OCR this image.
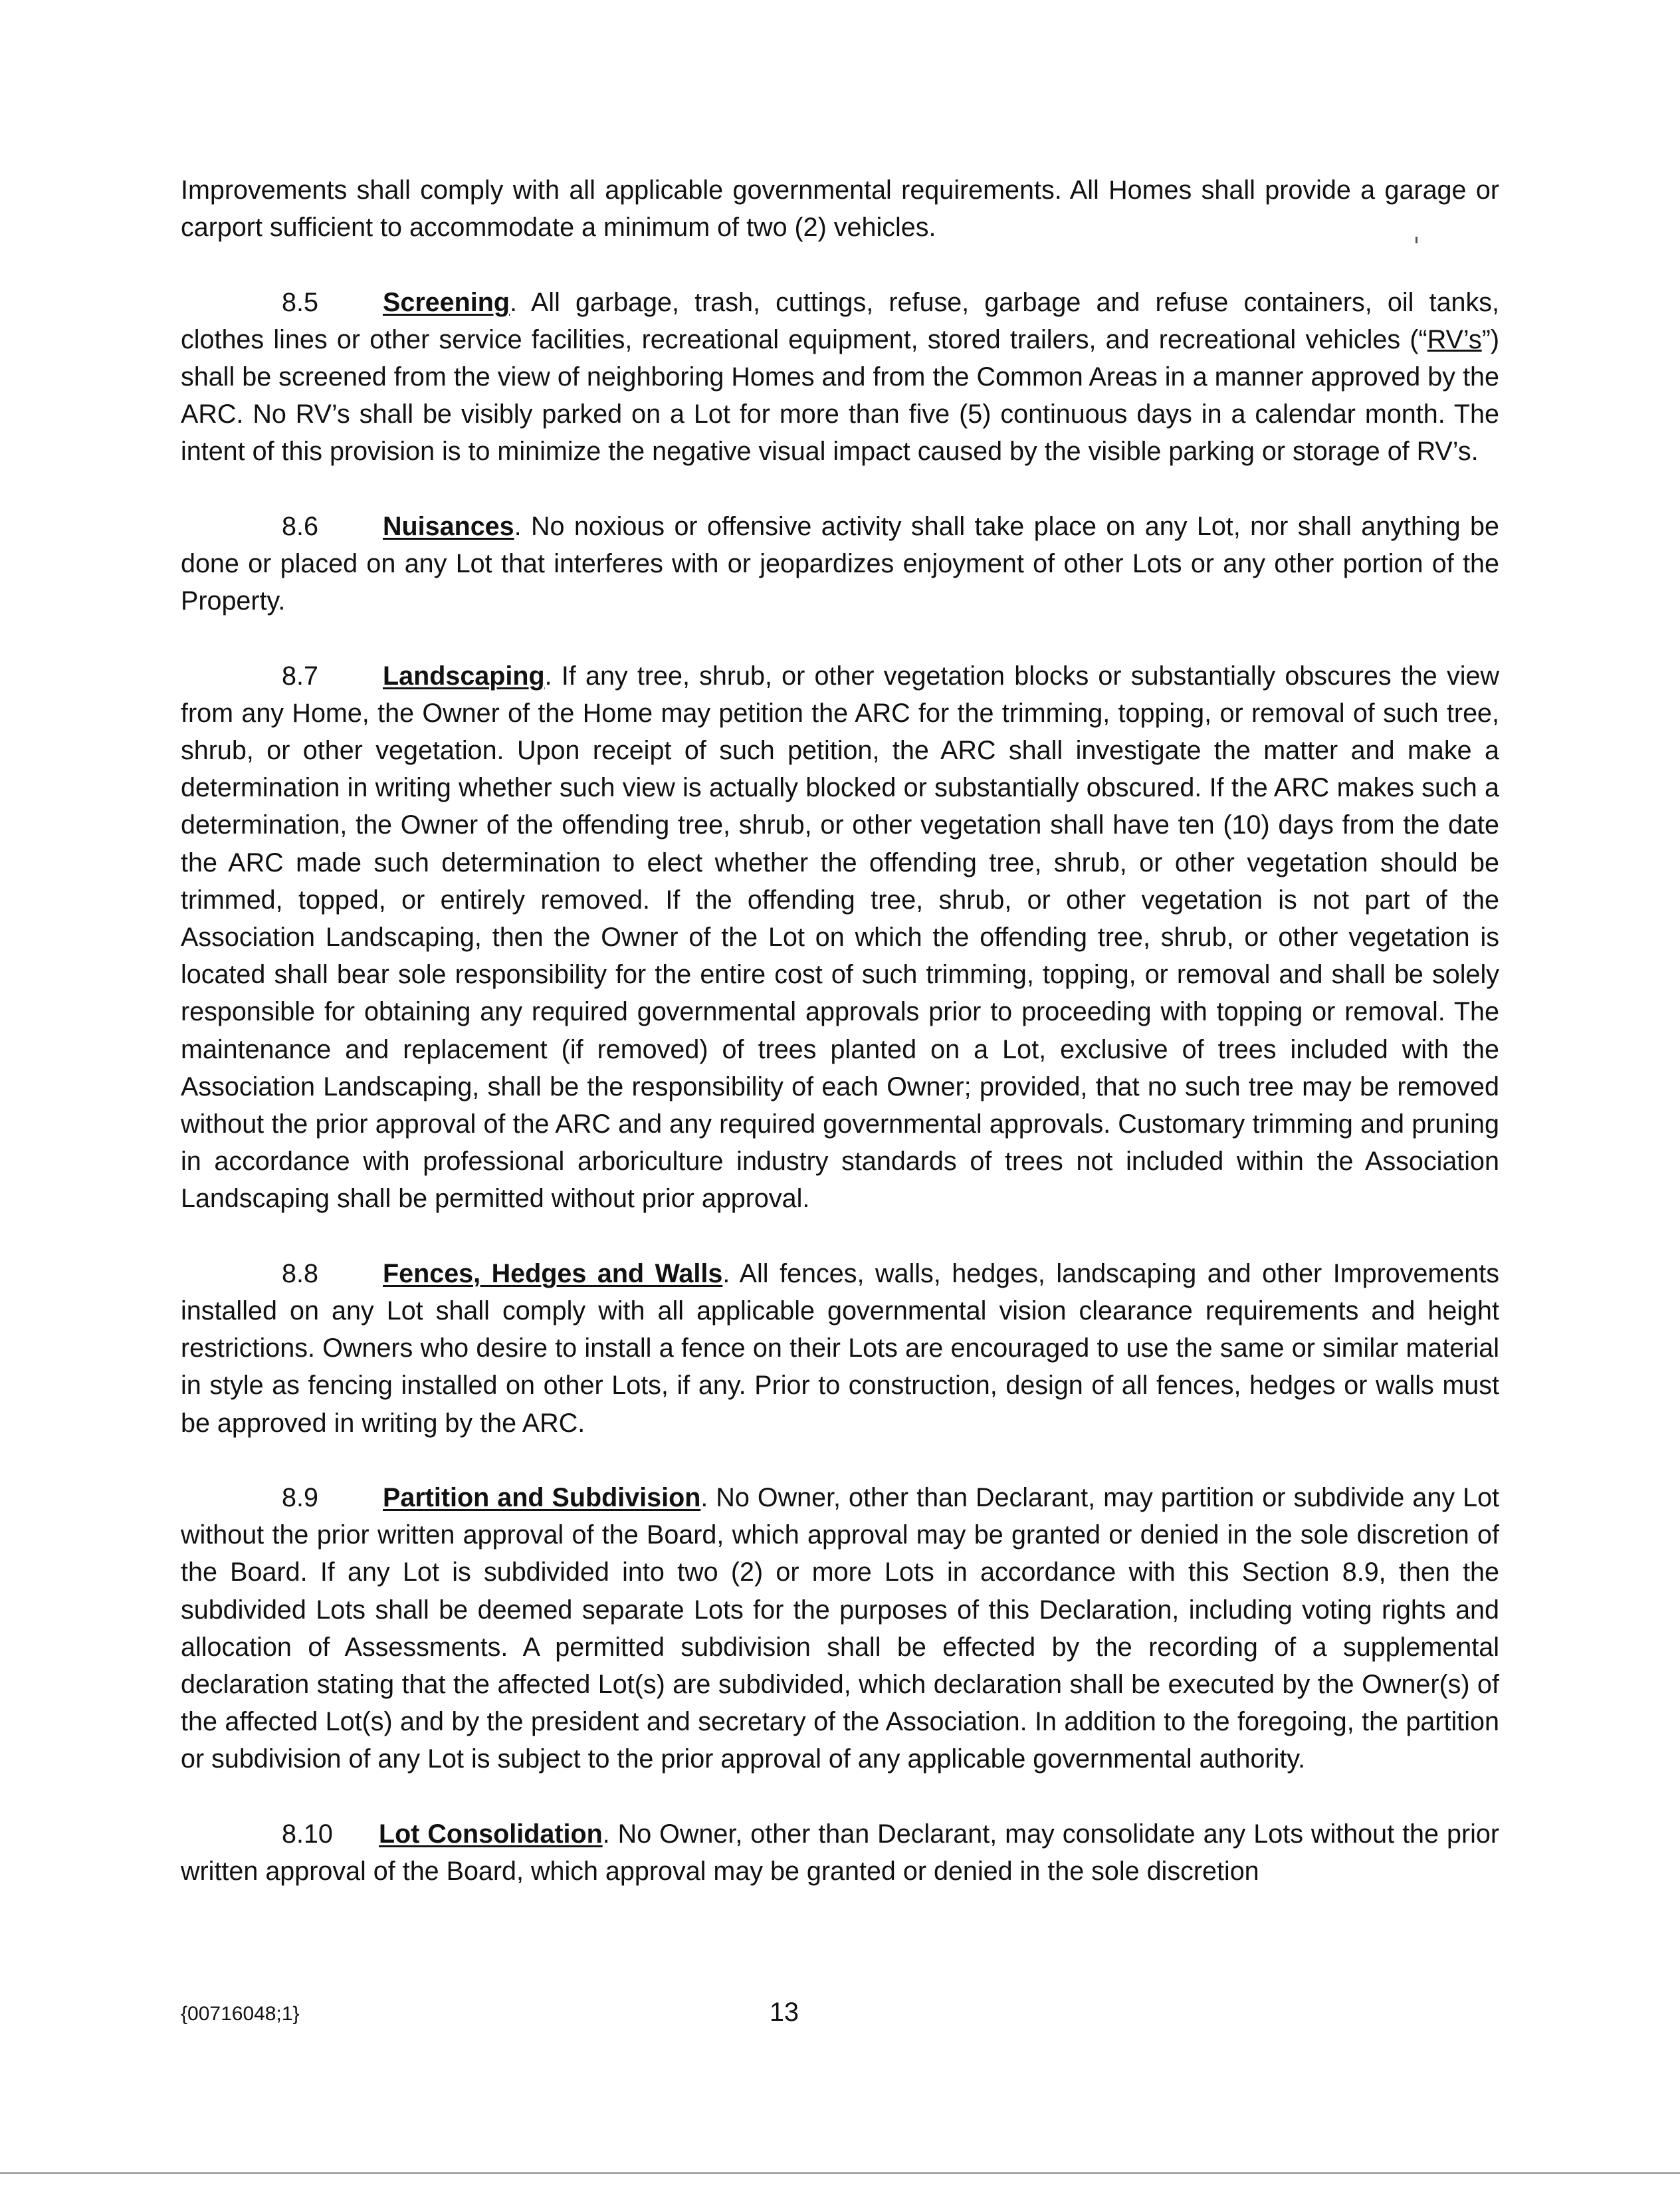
Improvements shall comply with all applicable governmental requirements. All Homes shall provide a garage or carport sufficient to accommodate a minimum of two (2) vehicles.

8.5 Screening. All garbage, trash, cuttings, refuse, garbage and refuse containers, oil tanks, clothes lines or other service facilities, recreational equipment, stored trailers, and recreational vehicles (“RV’s”) shall be screened from the view of neighboring Homes and from the Common Areas in a manner approved by the ARC. No RV’s shall be visibly parked on a Lot for more than five (5) continuous days in a calendar month. The intent of this provision is to minimize the negative visual impact caused by the visible parking or storage of RV’s.

8.6 Nuisances. No noxious or offensive activity shall take place on any Lot, nor shall anything be done or placed on any Lot that interferes with or jeopardizes enjoyment of other Lots or any other portion of the Property.

8.7 Landscaping. If any tree, shrub, or other vegetation blocks or substantially obscures the view from any Home, the Owner of the Home may petition the ARC for the trimming, topping, or removal of such tree, shrub, or other vegetation. Upon receipt of such petition, the ARC shall investigate the matter and make a determination in writing whether such view is actually blocked or substantially obscured. If the ARC makes such a determination, the Owner of the offending tree, shrub, or other vegetation shall have ten (10) days from the date the ARC made such determination to elect whether the offending tree, shrub, or other vegetation should be trimmed, topped, or entirely removed. If the offending tree, shrub, or other vegetation is not part of the Association Landscaping, then the Owner of the Lot on which the offending tree, shrub, or other vegetation is located shall bear sole responsibility for the entire cost of such trimming, topping, or removal and shall be solely responsible for obtaining any required governmental approvals prior to proceeding with topping or removal. The maintenance and replacement (if removed) of trees planted on a Lot, exclusive of trees included with the Association Landscaping, shall be the responsibility of each Owner; provided, that no such tree may be removed without the prior approval of the ARC and any required governmental approvals. Customary trimming and pruning in accordance with professional arboriculture industry standards of trees not included within the Association Landscaping shall be permitted without prior approval.

8.8 Fences, Hedges and Walls. All fences, walls, hedges, landscaping and other Improvements installed on any Lot shall comply with all applicable governmental vision clearance requirements and height restrictions. Owners who desire to install a fence on their Lots are encouraged to use the same or similar material in style as fencing installed on other Lots, if any. Prior to construction, design of all fences, hedges or walls must be approved in writing by the ARC.

8.9 Partition and Subdivision. No Owner, other than Declarant, may partition or subdivide any Lot without the prior written approval of the Board, which approval may be granted or denied in the sole discretion of the Board. If any Lot is subdivided into two (2) or more Lots in accordance with this Section 8.9, then the subdivided Lots shall be deemed separate Lots for the purposes of this Declaration, including voting rights and allocation of Assessments. A permitted subdivision shall be effected by the recording of a supplemental declaration stating that the affected Lot(s) are subdivided, which declaration shall be executed by the Owner(s) of the affected Lot(s) and by the president and secretary of the Association. In addition to the foregoing, the partition or subdivision of any Lot is subject to the prior approval of any applicable governmental authority.

8.10 Lot Consolidation. No Owner, other than Declarant, may consolidate any Lots without the prior written approval of the Board, which approval may be granted or denied in the sole discretion

{00716048;1}	13
